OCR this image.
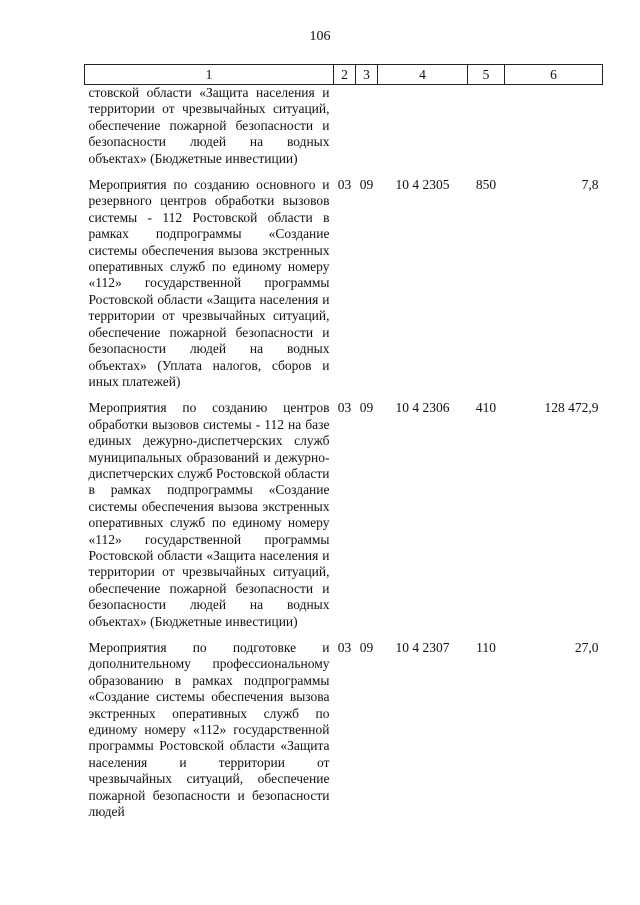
106
1	2	3	4	5	6
стовской области «Защита населения и территории от чрезвычайных ситуаций, обеспечение пожарной безопасности и безопасности людей на водных объектах» (Бюджетные инвестиции)					
Мероприятия по созданию основного и резервного центров обработки вызовов системы - 112 Ростовской области в рамках подпрограммы «Создание системы обеспечения вызова экстренных оперативных служб по единому номеру «112» государственной программы Ростовской области «Защита населения и территории от чрезвычайных ситуаций, обеспечение пожарной безопасности и безопасности людей на водных объектах» (Уплата налогов, сборов и иных платежей)	03	09	10 4 2305	850	7,8
Мероприятия по созданию центров обработки вызовов системы - 112 на базе единых дежурно-диспетчерских служб муниципальных образований и дежурно-диспетчерских служб Ростовской области в рамках подпрограммы «Создание системы обеспечения вызова экстренных оперативных служб по единому номеру «112» государственной программы Ростовской области «Защита населения и территории от чрезвычайных ситуаций, обеспечение пожарной безопасности и безопасности людей на водных объектах» (Бюджетные инвестиции)	03	09	10 4 2306	410	128 472,9
Мероприятия по подготовке и дополнительному профессиональному образованию в рамках подпрограммы «Создание системы обеспечения вызова экстренных оперативных служб по единому номеру «112» государственной программы Ростовской области «Защита населения и территории от чрезвычайных ситуаций, обеспечение пожарной безопасности и безопасности людей	03	09	10 4 2307	110	27,0
